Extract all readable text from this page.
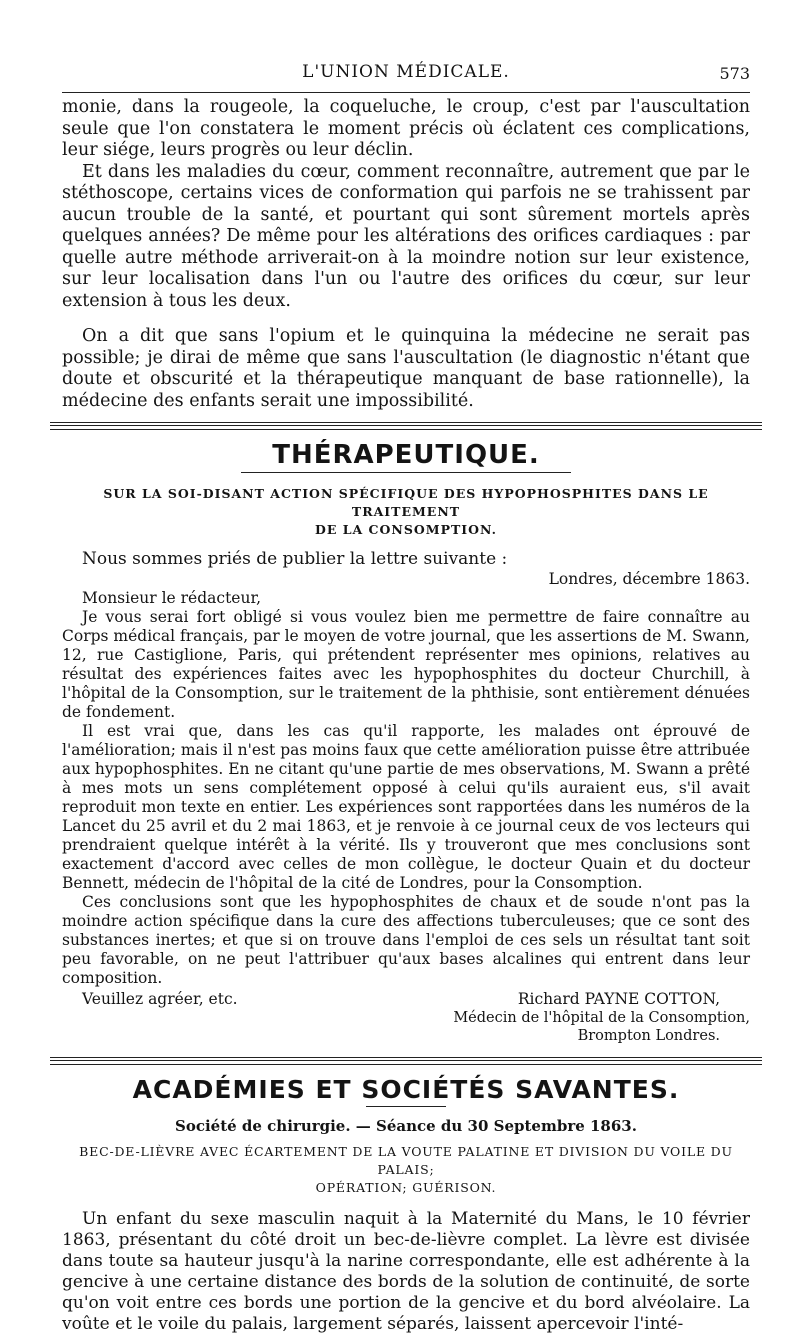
L'UNION MÉDICALE.	573

monie, dans la rougeole, la coqueluche, le croup, c'est par l'auscultation seule que l'on constatera le moment précis où éclatent ces complications, leur siége, leurs progrès ou leur déclin.

Et dans les maladies du cœur, comment reconnaître, autrement que par le stéthoscope, certains vices de conformation qui parfois ne se trahissent par aucun trouble de la santé, et pourtant qui sont sûrement mortels après quelques années? De même pour les altérations des orifices cardiaques : par quelle autre méthode arriverait-on à la moindre notion sur leur existence, sur leur localisation dans l'un ou l'autre des orifices du cœur, sur leur extension à tous les deux.

On a dit que sans l'opium et le quinquina la médecine ne serait pas possible; je dirai de même que sans l'auscultation (le diagnostic n'étant que doute et obscurité et la thérapeutique manquant de base rationnelle), la médecine des enfants serait une impossibilité.

THÉRAPEUTIQUE.
SUR LA SOI-DISANT ACTION SPÉCIFIQUE DES HYPOPHOSPHITES DANS LE TRAITEMENT
DE LA CONSOMPTION.

Nous sommes priés de publier la lettre suivante :

Londres, décembre 1863.
Monsieur le rédacteur,

Je vous serai fort obligé si vous voulez bien me permettre de faire connaître au Corps médical français, par le moyen de votre journal, que les assertions de M. Swann, 12, rue Castiglione, Paris, qui prétendent représenter mes opinions, relatives au résultat des expériences faites avec les hypophosphites du docteur Churchill, à l'hôpital de la Consomption, sur le traitement de la phthisie, sont entièrement dénuées de fondement.

Il est vrai que, dans les cas qu'il rapporte, les malades ont éprouvé de l'amélioration; mais il n'est pas moins faux que cette amélioration puisse être attribuée aux hypophosphites. En ne citant qu'une partie de mes observations, M. Swann a prêté à mes mots un sens complétement opposé à celui qu'ils auraient eus, s'il avait reproduit mon texte en entier. Les expériences sont rapportées dans les numéros de la Lancet du 25 avril et du 2 mai 1863, et je renvoie à ce journal ceux de vos lecteurs qui prendraient quelque intérêt à la vérité. Ils y trouveront que mes conclusions sont exactement d'accord avec celles de mon collègue, le docteur Quain et du docteur Bennett, médecin de l'hôpital de la cité de Londres, pour la Consomption.

Ces conclusions sont que les hypophosphites de chaux et de soude n'ont pas la moindre action spécifique dans la cure des affections tuberculeuses; que ce sont des substances inertes; et que si on trouve dans l'emploi de ces sels un résultat tant soit peu favorable, on ne peut l'attribuer qu'aux bases alcalines qui entrent dans leur composition.

Veuillez agréer, etc.	Richard PAYNE COTTON,
Médecin de l'hôpital de la Consomption,
Brompton Londres.
ACADÉMIES ET SOCIÉTÉS SAVANTES.
Société de chirurgie. — Séance du 30 Septembre 1863.
BEC-DE-LIÈVRE AVEC ÉCARTEMENT DE LA VOUTE PALATINE ET DIVISION DU VOILE DU PALAIS;
OPÉRATION; GUÉRISON.

Un enfant du sexe masculin naquit à la Maternité du Mans, le 10 février 1863, présentant du côté droit un bec-de-lièvre complet. La lèvre est divisée dans toute sa hauteur jusqu'à la narine correspondante, elle est adhérente à la gencive à une certaine distance des bords de la solution de continuité, de sorte qu'on voit entre ces bords une portion de la gencive et du bord alvéolaire. La voûte et le voile du palais, largement séparés, laissent apercevoir l'inté-
